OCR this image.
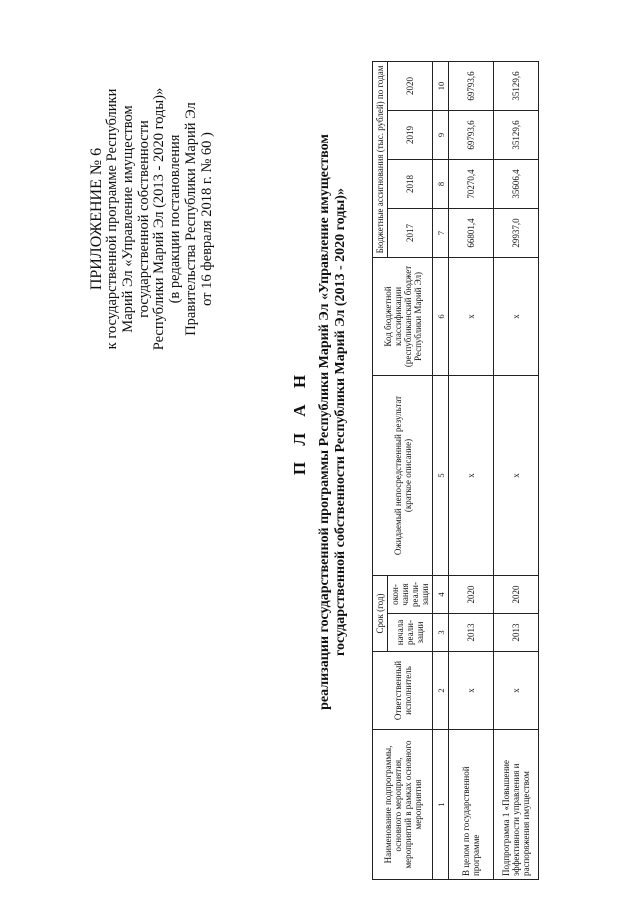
ПРИЛОЖЕНИЕ № 6 к государственной программе Республики Марий Эл «Управление имуществом государственной собственности Республики Марий Эл (2013 - 2020 годы)» (в редакции постановления Правительства Республики Марий Эл от 16 февраля 2018 г. № 60 )
П Л А Н реализации государственной программы Республики Марий Эл «Управление имуществом государственной собственности Республики Марий Эл (2013 - 2020 годы)»
Наименование подпрограммы, основного мероприятия, мероприятий в рамках основного мероприятия	Ответственный исполнитель	Срок (год)		Ожидаемый непосредственный результат (краткое описание)	Код бюджетной классификации (республиканский бюджет Республики Марий Эл)	Бюджетные ассигнования (тыс. рублей) по годам			
		начала реали-зации	окон-чания реали-зации			2017	2018	2019	2020
1	2	3	4	5	6	7	8	9	10
В целом по государственной программе	x	2013	2020	x	x	66801,4	70270,4	69793,6	69793,6
Подпрограмма 1 «Повышение эффективности управления и распоряжения имуществом	x	2013	2020	x	x	29937,0	35606,4	35129,6	35129,6
